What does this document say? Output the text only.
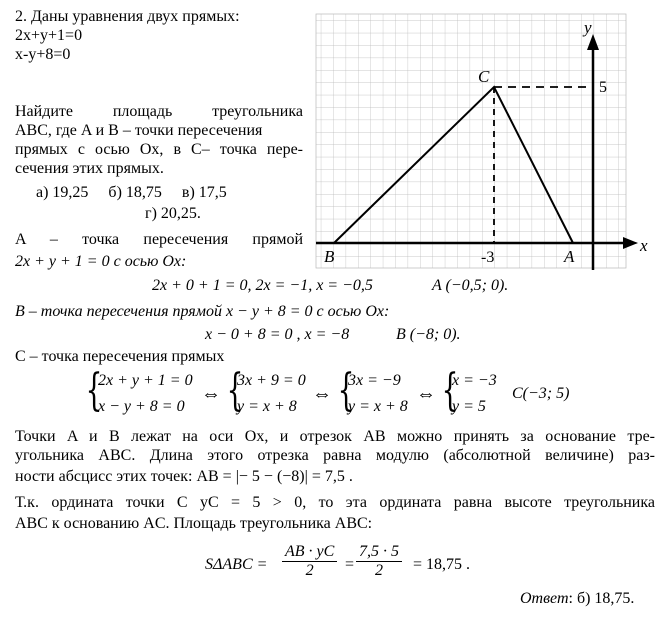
2. Даны уравнения двух прямых:
2x+y+1=0
x-y+8=0
Найдите площадь треугольника
ABC, где A и B – точки пересечения
прямых с осью Ox, в C– точка пере-
сечения этих прямых.
а) 19,25     б) 18,75     в) 17,5
г) 20,25.
y
x
C
B	A
5
-3
A – точка пересечения прямой
2x + y + 1 = 0 с осью Ox:
2x + 0 + 1 = 0, 2x = −1, x = −0,5	A (−0,5; 0).
B – точка пересечения прямой x − y + 8 = 0 с осью Ox:
x − 0 + 8 = 0 , x = −8	B (−8; 0).
C – точка пересечения прямых
{
2x + y + 1 = 0
x − y + 8 = 0
⇔ {
3x + 9 = 0
y = x + 8
⇔ {
3x = −9
y = x + 8
⇔ {
x = −3
y = 5
C(−3; 5)
Точки A и B лежат на оси Ox, и отрезок AB можно принять за основание тре-
угольника ABC. Длина этого отрезка равна модулю (абсолютной величине) раз-
ности абсцисс этих точек: AB = |− 5 − (−8)| = 7,5 .
Т.к. ордината точки C yC = 5 > 0, то эта ордината равна высоте треугольника
ABC к основанию AC. Площадь треугольника ABC:
$S\Delta ABC = \frac{AB \cdot yC}{2} = \frac{7,5 \cdot 5}{2} = 18,75$ .
Ответ: б) 18,75.
